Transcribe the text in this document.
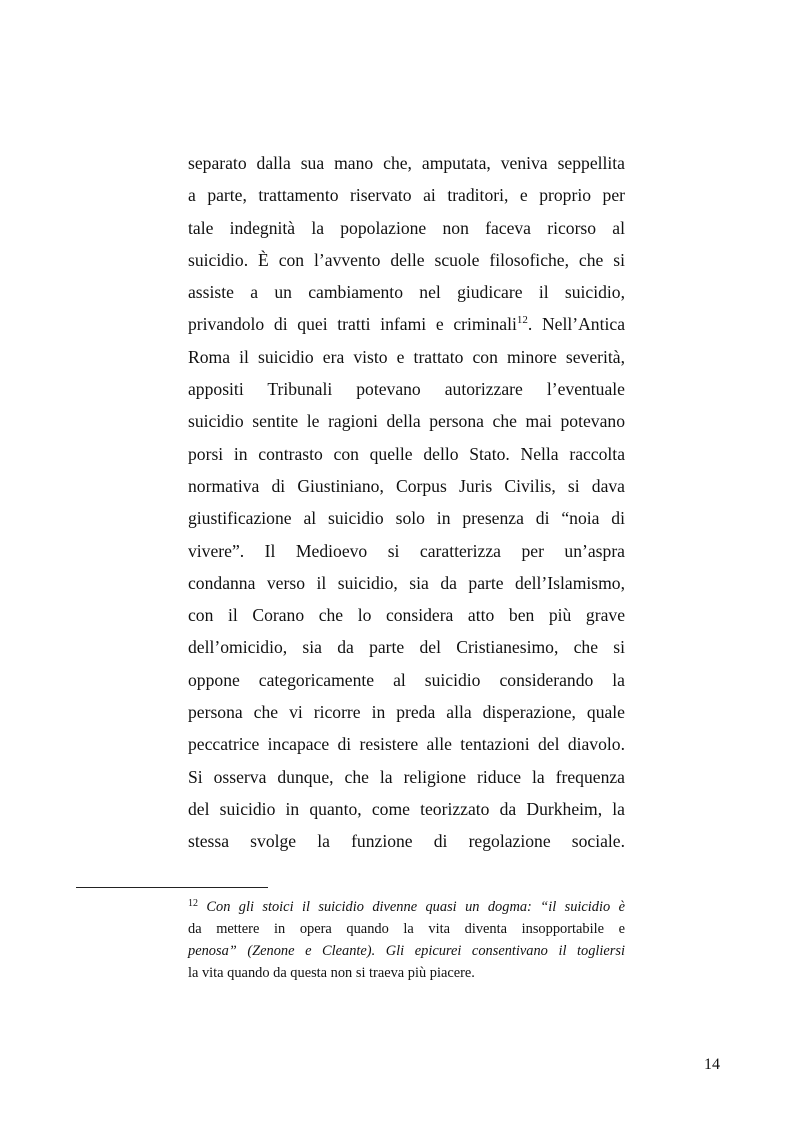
separato dalla sua mano che, amputata, veniva seppellita
a parte, trattamento riservato ai traditori, e proprio per
tale indegnità la popolazione non faceva ricorso al
suicidio. È con l’avvento delle scuole filosofiche, che si
assiste a un cambiamento nel giudicare il suicidio,
privandolo di quei tratti infami e criminali$^{12}$. Nell’Antica
Roma il suicidio era visto e trattato con minore severità,
appositi Tribunali potevano autorizzare l’eventuale
suicidio sentite le ragioni della persona che mai potevano
porsi in contrasto con quelle dello Stato. Nella raccolta
normativa di Giustiniano, Corpus Juris Civilis, si dava
giustificazione al suicidio solo in presenza di “noia di
vivere”. Il Medioevo si caratterizza per un’aspra
condanna verso il suicidio, sia da parte dell’Islamismo,
con il Corano che lo considera atto ben più grave
dell’omicidio, sia da parte del Cristianesimo, che si
oppone categoricamente al suicidio considerando la
persona che vi ricorre in preda alla disperazione, quale
peccatrice incapace di resistere alle tentazioni del diavolo.
Si osserva dunque, che la religione riduce la frequenza
del suicidio in quanto, come teorizzato da Durkheim, la
stessa svolge la funzione di regolazione sociale.
$^{12}$ Con gli stoici il suicidio divenne quasi un dogma: “il suicidio è
da mettere in opera quando la vita diventa insopportabile e
penosa” (Zenone e Cleante). Gli epicurei consentivano il togliersi
la vita quando da questa non si traeva più piacere.
14
